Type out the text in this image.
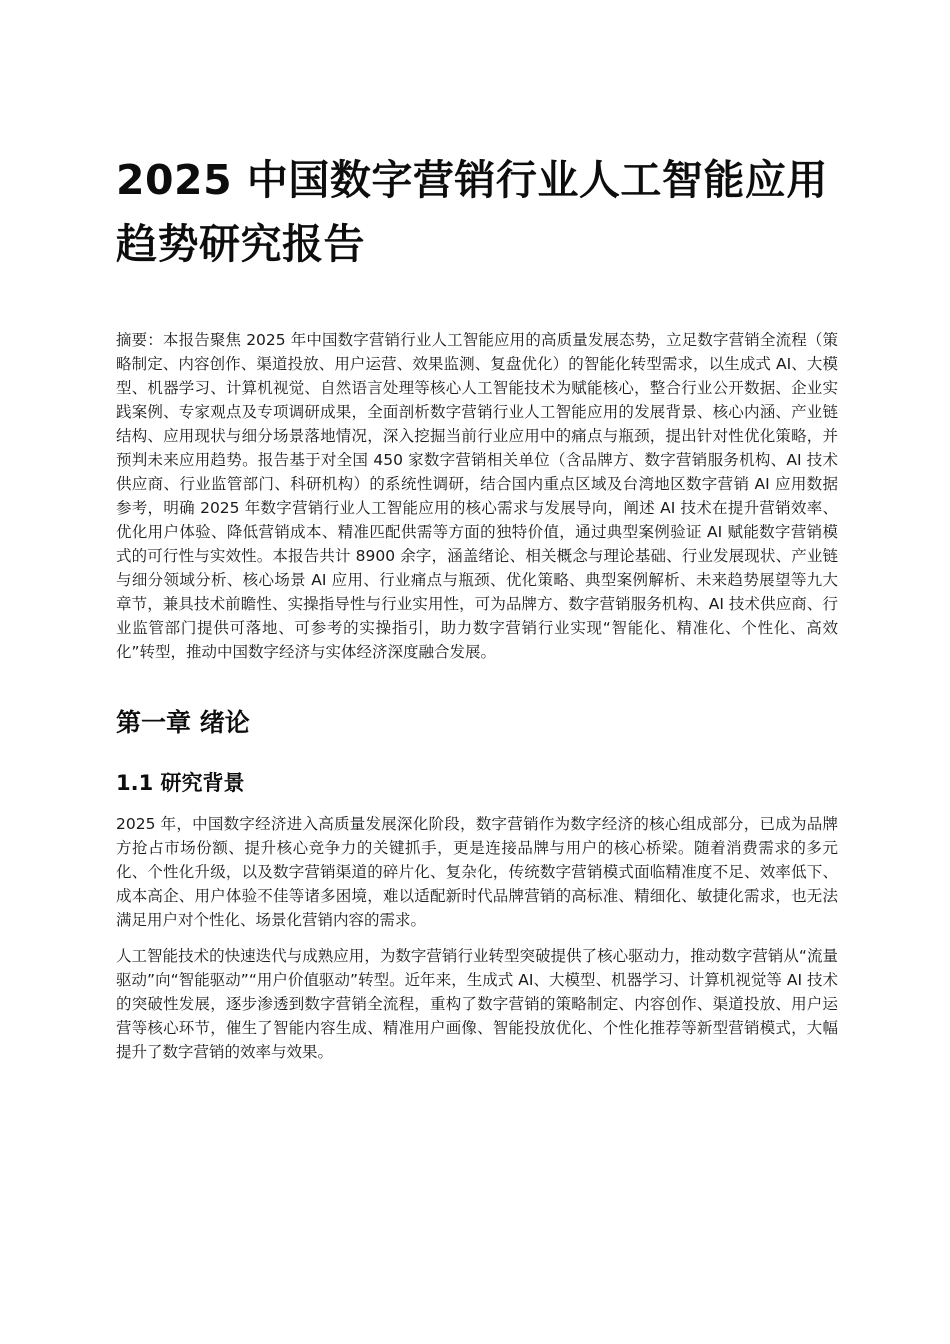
2025 中国数字营销行业人工智能应用趋势研究报告

摘要：本报告聚焦 2025 年中国数字营销行业人工智能应用的高质量发展态势，立足数字营销全流程（策略制定、内容创作、渠道投放、用户运营、效果监测、复盘优化）的智能化转型需求，以生成式 AI、大模型、机器学习、计算机视觉、自然语言处理等核心人工智能技术为赋能核心，整合行业公开数据、企业实践案例、专家观点及专项调研成果，全面剖析数字营销行业人工智能应用的发展背景、核心内涵、产业链结构、应用现状与细分场景落地情况，深入挖掘当前行业应用中的痛点与瓶颈，提出针对性优化策略，并预判未来应用趋势。报告基于对全国 450 家数字营销相关单位（含品牌方、数字营销服务机构、AI 技术供应商、行业监管部门、科研机构）的系统性调研，结合国内重点区域及台湾地区数字营销 AI 应用数据参考，明确 2025 年数字营销行业人工智能应用的核心需求与发展导向，阐述 AI 技术在提升营销效率、优化用户体验、降低营销成本、精准匹配供需等方面的独特价值，通过典型案例验证 AI 赋能数字营销模式的可行性与实效性。本报告共计 8900 余字，涵盖绪论、相关概念与理论基础、行业发展现状、产业链与细分领域分析、核心场景 AI 应用、行业痛点与瓶颈、优化策略、典型案例解析、未来趋势展望等九大章节，兼具技术前瞻性、实操指导性与行业实用性，可为品牌方、数字营销服务机构、AI 技术供应商、行业监管部门提供可落地、可参考的实操指引，助力数字营销行业实现“智能化、精准化、个性化、高效化”转型，推动中国数字经济与实体经济深度融合发展。

第一章 绪论
1.1 研究背景

2025 年，中国数字经济进入高质量发展深化阶段，数字营销作为数字经济的核心组成部分，已成为品牌方抢占市场份额、提升核心竞争力的关键抓手，更是连接品牌与用户的核心桥梁。随着消费需求的多元化、个性化升级，以及数字营销渠道的碎片化、复杂化，传统数字营销模式面临精准度不足、效率低下、成本高企、用户体验不佳等诸多困境，难以适配新时代品牌营销的高标准、精细化、敏捷化需求，也无法满足用户对个性化、场景化营销内容的需求。

人工智能技术的快速迭代与成熟应用，为数字营销行业转型突破提供了核心驱动力，推动数字营销从“流量驱动”向“智能驱动”“用户价值驱动”转型。近年来，生成式 AI、大模型、机器学习、计算机视觉等 AI 技术的突破性发展，逐步渗透到数字营销全流程，重构了数字营销的策略制定、内容创作、渠道投放、用户运营等核心环节，催生了智能内容生成、精准用户画像、智能投放优化、个性化推荐等新型营销模式，大幅提升了数字营销的效率与效果。
